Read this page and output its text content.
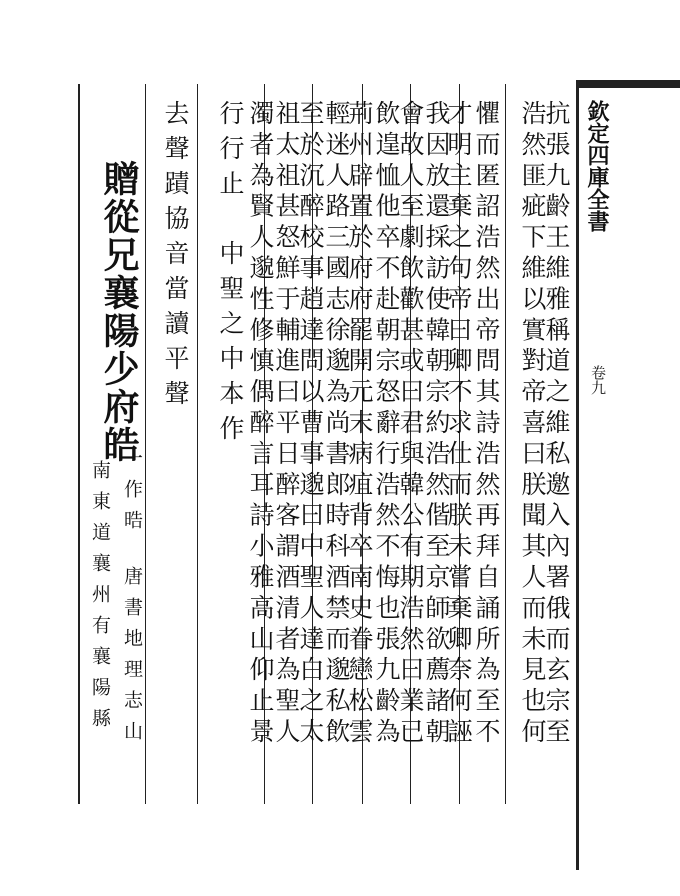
欽定四庫全書
卷九
浩然匪疵下維以實對帝喜曰朕聞其人而未見也何
抗張九齡王維雅稱道之維私邀入內署俄而玄宗至
懼而匿詔浩然出帝問其詩浩然再拜自誦所為至不
才明主棄之句帝曰卿不求仕而朕未嘗棄卿奈何誣
我因放還採訪使韓朝宗約浩然偕至京師欲薦諸朝
會故人至劇飲歡甚或曰君與韓公有期浩然曰業已
飲遑恤他卒不赴朝宗怒辭行浩然不悔也張九齡為
荊州辟置於府府罷開元末病疽背卒南史眷戀松雲
輕迷人路三國志徐邈為尚書郎時科酒禁而邈私飲
至於沉醉校事趙達問以曹事邈曰中聖人達白之太
祖太祖甚怒鮮于輔進曰平日醉客謂酒清者為聖人
濁者為賢人邈性修慎偶醉言耳詩小雅高山仰止景
行行止　中聖之中本作
去聲蹟協音當讀平聲
贈從兄襄陽少府皓
一作晧
唐書地理志山
南東道襄州有襄陽縣
